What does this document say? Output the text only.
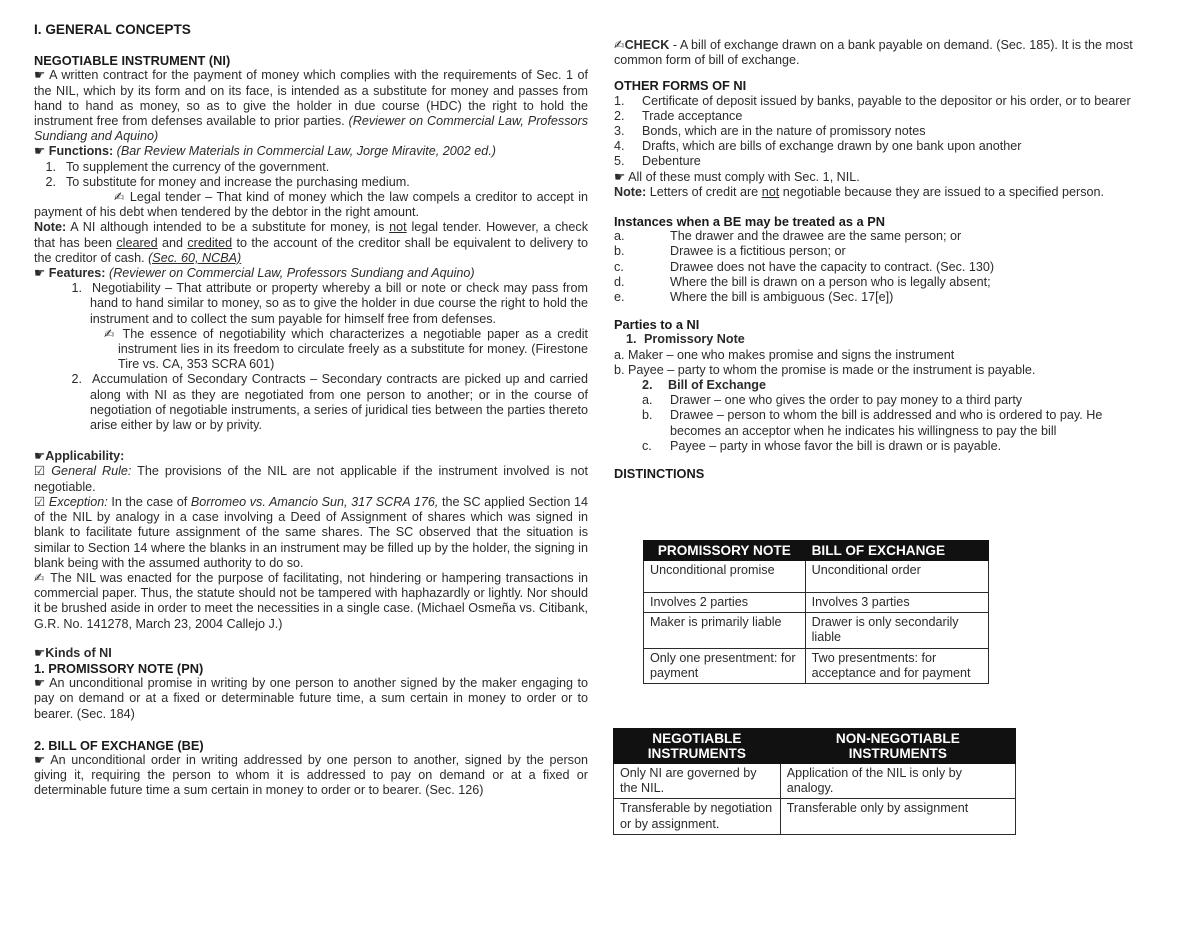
I. GENERAL CONCEPTS
NEGOTIABLE INSTRUMENT (NI)

☛ A written contract for the payment of money which complies with the requirements of Sec. 1 of the NIL, which by its form and on its face, is intended as a substitute for money and passes from hand to hand as money, so as to give the holder in due course (HDC) the right to hold the instrument free from defenses available to prior parties. (Reviewer on Commercial Law, Professors Sundiang and Aquino)

☛ Functions: (Bar Review Materials in Commercial Law, Jorge Miravite, 2002 ed.)

1. To supplement the currency of the government.
2. To substitute for money and increase the purchasing medium.

✍ Legal tender – That kind of money which the law compels a creditor to accept in payment of his debt when tendered by the debtor in the right amount.

Note: A NI although intended to be a substitute for money, is not legal tender. However, a check that has been cleared and credited to the account of the creditor shall be equivalent to delivery to the creditor of cash. (Sec. 60, NCBA)

☛ Features: (Reviewer on Commercial Law, Professors Sundiang and Aquino)

1. Negotiability – That attribute or property whereby a bill or note or check may pass from hand to hand similar to money, so as to give the holder in due course the right to hold the instrument and to collect the sum payable for himself free from defenses.
✍ The essence of negotiability which characterizes a negotiable paper as a credit instrument lies in its freedom to circulate freely as a substitute for money. (Firestone Tire vs. CA, 353 SCRA 601)
2. Accumulation of Secondary Contracts – Secondary contracts are picked up and carried along with NI as they are negotiated from one person to another; or in the course of negotiation of negotiable instruments, a series of juridical ties between the parties thereto arise either by law or by privity.

☛Applicability:

☑ General Rule: The provisions of the NIL are not applicable if the instrument involved is not negotiable.

☑ Exception: In the case of Borromeo vs. Amancio Sun, 317 SCRA 176, the SC applied Section 14 of the NIL by analogy in a case involving a Deed of Assignment of shares which was signed in blank to facilitate future assignment of the same shares. The SC observed that the situation is similar to Section 14 where the blanks in an instrument may be filled up by the holder, the signing in blank being with the assumed authority to do so.

✍ The NIL was enacted for the purpose of facilitating, not hindering or hampering transactions in commercial paper. Thus, the statute should not be tampered with haphazardly or lightly. Nor should it be brushed aside in order to meet the necessities in a single case. (Michael Osmeña vs. Citibank, G.R. No. 141278, March 23, 2004 Callejo J.)

☛Kinds of NI

1. PROMISSORY NOTE (PN)

☛ An unconditional promise in writing by one person to another signed by the maker engaging to pay on demand or at a fixed or determinable future time, a sum certain in money to order or to bearer. (Sec. 184)

2. BILL OF EXCHANGE (BE)

☛ An unconditional order in writing addressed by one person to another, signed by the person giving it, requiring the person to whom it is addressed to pay on demand or at a fixed or determinable future time a sum certain in money to order or to bearer. (Sec. 126)

✍CHECK - A bill of exchange drawn on a bank payable on demand. (Sec. 185). It is the most common form of bill of exchange.

OTHER FORMS OF NI
1.	Certificate of deposit issued by banks, payable to the depositor or his order, or to bearer
2.	Trade acceptance
3.	Bonds, which are in the nature of promissory notes
4.	Drafts, which are bills of exchange drawn by one bank upon another
5.	Debenture

☛ All of these must comply with Sec. 1, NIL.

Note: Letters of credit are not negotiable because they are issued to a specified person.

Instances when a BE may be treated as a PN
a.	The drawer and the drawee are the same person; or
b.	Drawee is a fictitious person; or
c.	Drawee does not have the capacity to contract. (Sec. 130)
d.	Where the bill is drawn on a person who is legally absent;
e.	Where the bill is ambiguous (Sec. 17[e])
Parties to a NI

1. Promissory Note

a. Maker – one who makes promise and signs the instrument

b. Payee – party to whom the promise is made or the instrument is payable.

2. Bill of Exchange

a.	Drawer – one who gives the order to pay money to a third party
b.	Drawee – person to whom the bill is addressed and who is ordered to pay. He becomes an acceptor when he indicates his willingness to pay the bill
c.	Payee – party in whose favor the bill is drawn or is payable.
DISTINCTIONS
PROMISSORY NOTE	BILL OF EXCHANGE
Unconditional promise	Unconditional order
Involves 2 parties	Involves 3 parties
Maker is primarily liable	Drawer is only secondarily liable
Only one presentment: for payment	Two presentments: for acceptance and for payment
NEGOTIABLE INSTRUMENTS	NON-NEGOTIABLE INSTRUMENTS
Only NI are governed by the NIL.	Application of the NIL is only by analogy.
Transferable by negotiation or by assignment.	Transferable only by assignment
